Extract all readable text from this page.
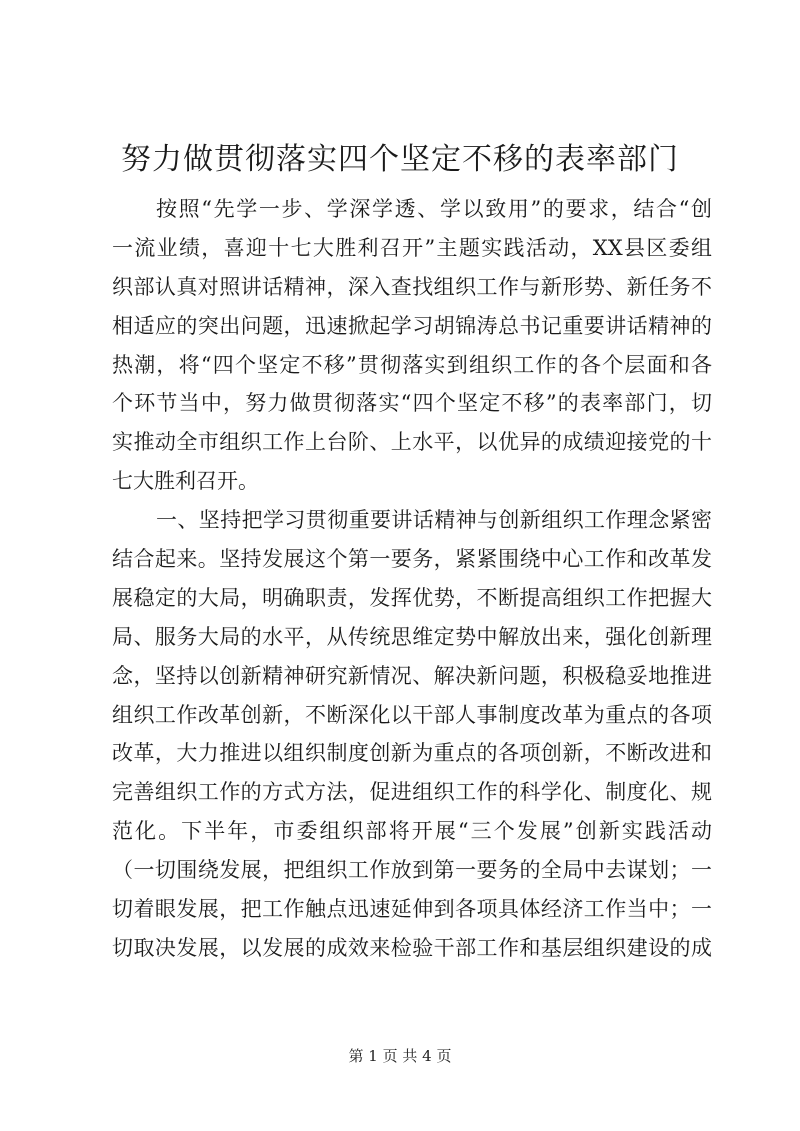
努力做贯彻落实四个坚定不移的表率部门
按照“先学一步、学深学透、学以致用”的要求，结合“创
一流业绩，喜迎十七大胜利召开”主题实践活动，XX县区委组
织部认真对照讲话精神，深入查找组织工作与新形势、新任务不
相适应的突出问题，迅速掀起学习胡锦涛总书记重要讲话精神的
热潮，将“四个坚定不移”贯彻落实到组织工作的各个层面和各
个环节当中，努力做贯彻落实“四个坚定不移”的表率部门，切
实推动全市组织工作上台阶、上水平，以优异的成绩迎接党的十
七大胜利召开。
一、坚持把学习贯彻重要讲话精神与创新组织工作理念紧密
结合起来。坚持发展这个第一要务，紧紧围绕中心工作和改革发
展稳定的大局，明确职责，发挥优势，不断提高组织工作把握大
局、服务大局的水平，从传统思维定势中解放出来，强化创新理
念，坚持以创新精神研究新情况、解决新问题，积极稳妥地推进
组织工作改革创新，不断深化以干部人事制度改革为重点的各项
改革，大力推进以组织制度创新为重点的各项创新，不断改进和
完善组织工作的方式方法，促进组织工作的科学化、制度化、规
范化。下半年，市委组织部将开展“三个发展”创新实践活动
（一切围绕发展，把组织工作放到第一要务的全局中去谋划；一
切着眼发展，把工作触点迅速延伸到各项具体经济工作当中；一
切取决发展，以发展的成效来检验干部工作和基层组织建设的成
第 1 页 共 4 页
